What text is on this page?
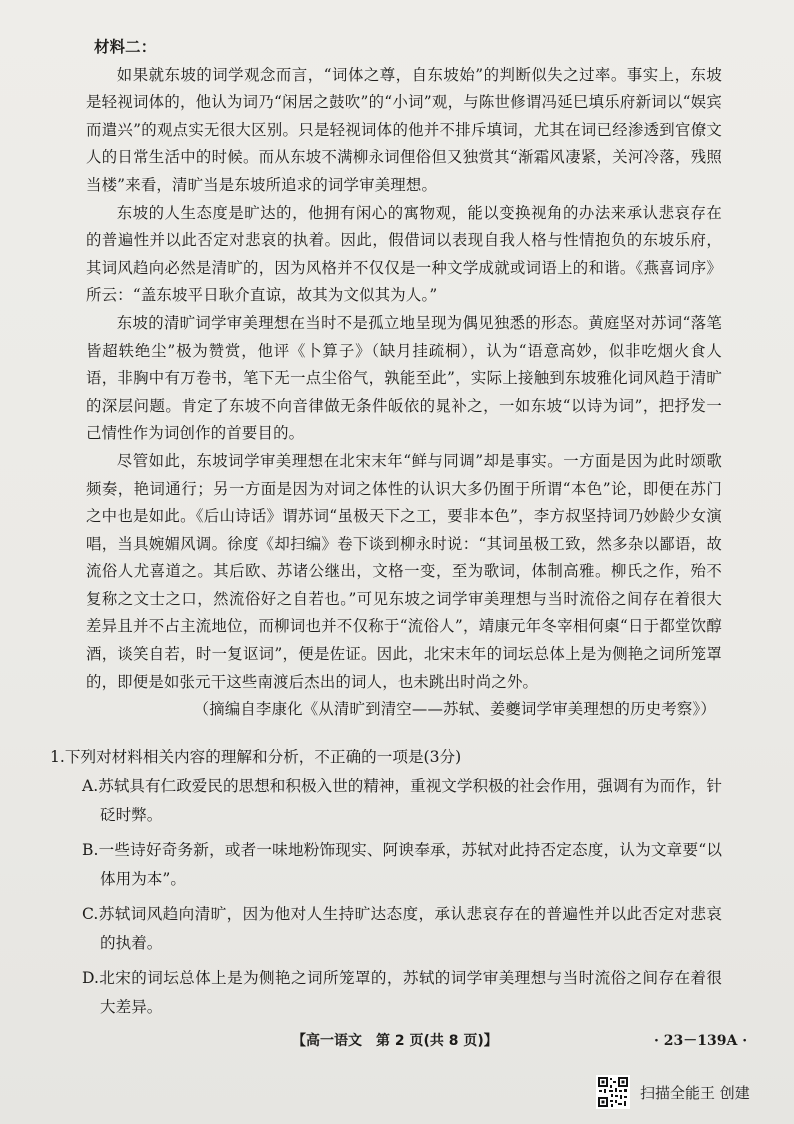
材料二：

如果就东坡的词学观念而言，“词体之尊，自东坡始”的判断似失之过率。事实上，东坡是轻视词体的，他认为词乃“闲居之鼓吹”的“小词”观，与陈世修谓冯延巳填乐府新词以“娱宾而遣兴”的观点实无很大区别。只是轻视词体的他并不排斥填词，尤其在词已经渗透到官僚文人的日常生活中的时候。而从东坡不满柳永词俚俗但又独赏其“渐霜风凄紧，关河冷落，残照当楼”来看，清旷当是东坡所追求的词学审美理想。

东坡的人生态度是旷达的，他拥有闲心的寓物观，能以变换视角的办法来承认悲哀存在的普遍性并以此否定对悲哀的执着。因此，假借词以表现自我人格与性情抱负的东坡乐府，其词风趋向必然是清旷的，因为风格并不仅仅是一种文学成就或词语上的和谐。《燕喜词序》所云：“盖东坡平日耿介直谅，故其为文似其为人。”

东坡的清旷词学审美理想在当时不是孤立地呈现为偶见独悉的形态。黄庭坚对苏词“落笔皆超轶绝尘”极为赞赏，他评《卜算子》（缺月挂疏桐），认为“语意高妙，似非吃烟火食人语，非胸中有万卷书，笔下无一点尘俗气，孰能至此”，实际上接触到东坡雅化词风趋于清旷的深层问题。肯定了东坡不向音律做无条件皈依的晁补之，一如东坡“以诗为词”，把抒发一己情性作为词创作的首要目的。

尽管如此，东坡词学审美理想在北宋末年“鲜与同调”却是事实。一方面是因为此时颂歌频奏，艳词通行；另一方面是因为对词之体性的认识大多仍囿于所谓“本色”论，即便在苏门之中也是如此。《后山诗话》谓苏词“虽极天下之工，要非本色”，李方叔坚持词乃妙龄少女演唱，当具婉媚风调。徐度《却扫编》卷下谈到柳永时说：“其词虽极工致，然多杂以鄙语，故流俗人尤喜道之。其后欧、苏诸公继出，文格一变，至为歌词，体制高雅。柳氏之作，殆不复称之文士之口，然流俗好之自若也。”可见东坡之词学审美理想与当时流俗之间存在着很大差异且并不占主流地位，而柳词也并不仅称于“流俗人”，靖康元年冬宰相何㮚“日于都堂饮醇酒，谈笑自若，时一复讴词”，便是佐证。因此，北宋末年的词坛总体上是为侧艳之词所笼罩的，即便是如张元干这些南渡后杰出的词人，也未跳出时尚之外。

（摘编自李康化《从清旷到清空——苏轼、姜夔词学审美理想的历史考察》）

1.下列对材料相关内容的理解和分析，不正确的一项是(3分)

A.苏轼具有仁政爱民的思想和积极入世的精神，重视文学积极的社会作用，强调有为而作，针砭时弊。

B.一些诗好奇务新，或者一味地粉饰现实、阿谀奉承，苏轼对此持否定态度，认为文章要“以体用为本”。

C.苏轼词风趋向清旷，因为他对人生持旷达态度，承认悲哀存在的普遍性并以此否定对悲哀的执着。

D.北宋的词坛总体上是为侧艳之词所笼罩的，苏轼的词学审美理想与当时流俗之间存在着很大差异。

【高一语文　第 2 页(共 8 页)】	· 23－139A ·
扫描全能王 创建
